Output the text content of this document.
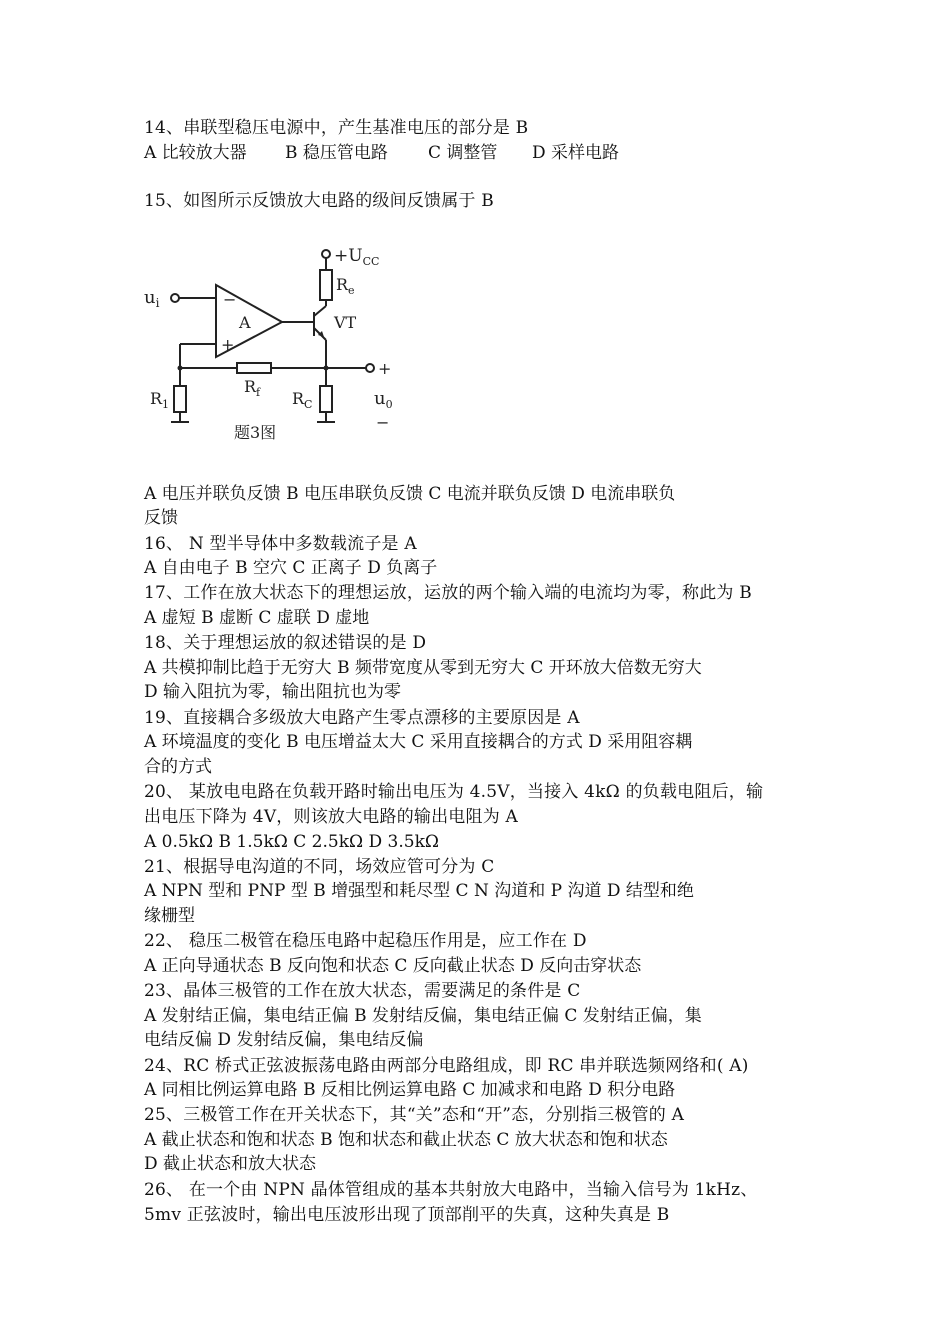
14、串联型稳压电源中，产生基准电压的部分是 B
A 比较放大器 B 稳压管电路 C 调整管 D 采样电路
15、如图所示反馈放大电路的级间反馈属于 B
$+U_{CC}$
$R_e$
VT
$u_i$	−
A
+
$R_f$
+
$R_1$	$R_C$	$u_0$
−
题3图
A 电压并联负反馈 B 电压串联负反馈 C 电流并联负反馈 D 电流串联负
反馈
16、 N 型半导体中多数载流子是 A
A 自由电子 B 空穴 C 正离子 D 负离子
17、工作在放大状态下的理想运放，运放的两个输入端的电流均为零，称此为 B
A 虚短 B 虚断 C 虚联 D 虚地
18、关于理想运放的叙述错误的是 D
A 共模抑制比趋于无穷大 B 频带宽度从零到无穷大 C 开环放大倍数无穷大
D 输入阻抗为零，输出阻抗也为零
19、直接耦合多级放大电路产生零点漂移的主要原因是 A
A 环境温度的变化 B 电压增益太大 C 采用直接耦合的方式 D 采用阻容耦
合的方式
20、 某放电电路在负载开路时输出电压为 4.5V，当接入 4kΩ 的负载电阻后，输
出电压下降为 4V，则该放大电路的输出电阻为 A
A 0.5kΩ B 1.5kΩ C 2.5kΩ D 3.5kΩ
21、根据导电沟道的不同，场效应管可分为 C
A NPN 型和 PNP 型 B 增强型和耗尽型 C N 沟道和 P 沟道 D 结型和绝
缘栅型
22、 稳压二极管在稳压电路中起稳压作用是，应工作在 D
A 正向导通状态 B 反向饱和状态 C 反向截止状态 D 反向击穿状态
23、晶体三极管的工作在放大状态，需要满足的条件是 C
A 发射结正偏，集电结正偏 B 发射结反偏，集电结正偏 C 发射结正偏，集
电结反偏 D 发射结反偏，集电结反偏
24、RC 桥式正弦波振荡电路由两部分电路组成，即 RC 串并联选频网络和( A)
A 同相比例运算电路 B 反相比例运算电路 C 加减求和电路 D 积分电路
25、三极管工作在开关状态下，其“关”态和“开”态，分别指三极管的 A
A 截止状态和饱和状态 B 饱和状态和截止状态 C 放大状态和饱和状态
D 截止状态和放大状态
26、 在一个由 NPN 晶体管组成的基本共射放大电路中，当输入信号为 1kHz、
5mv 正弦波时，输出电压波形出现了顶部削平的失真，这种失真是 B
